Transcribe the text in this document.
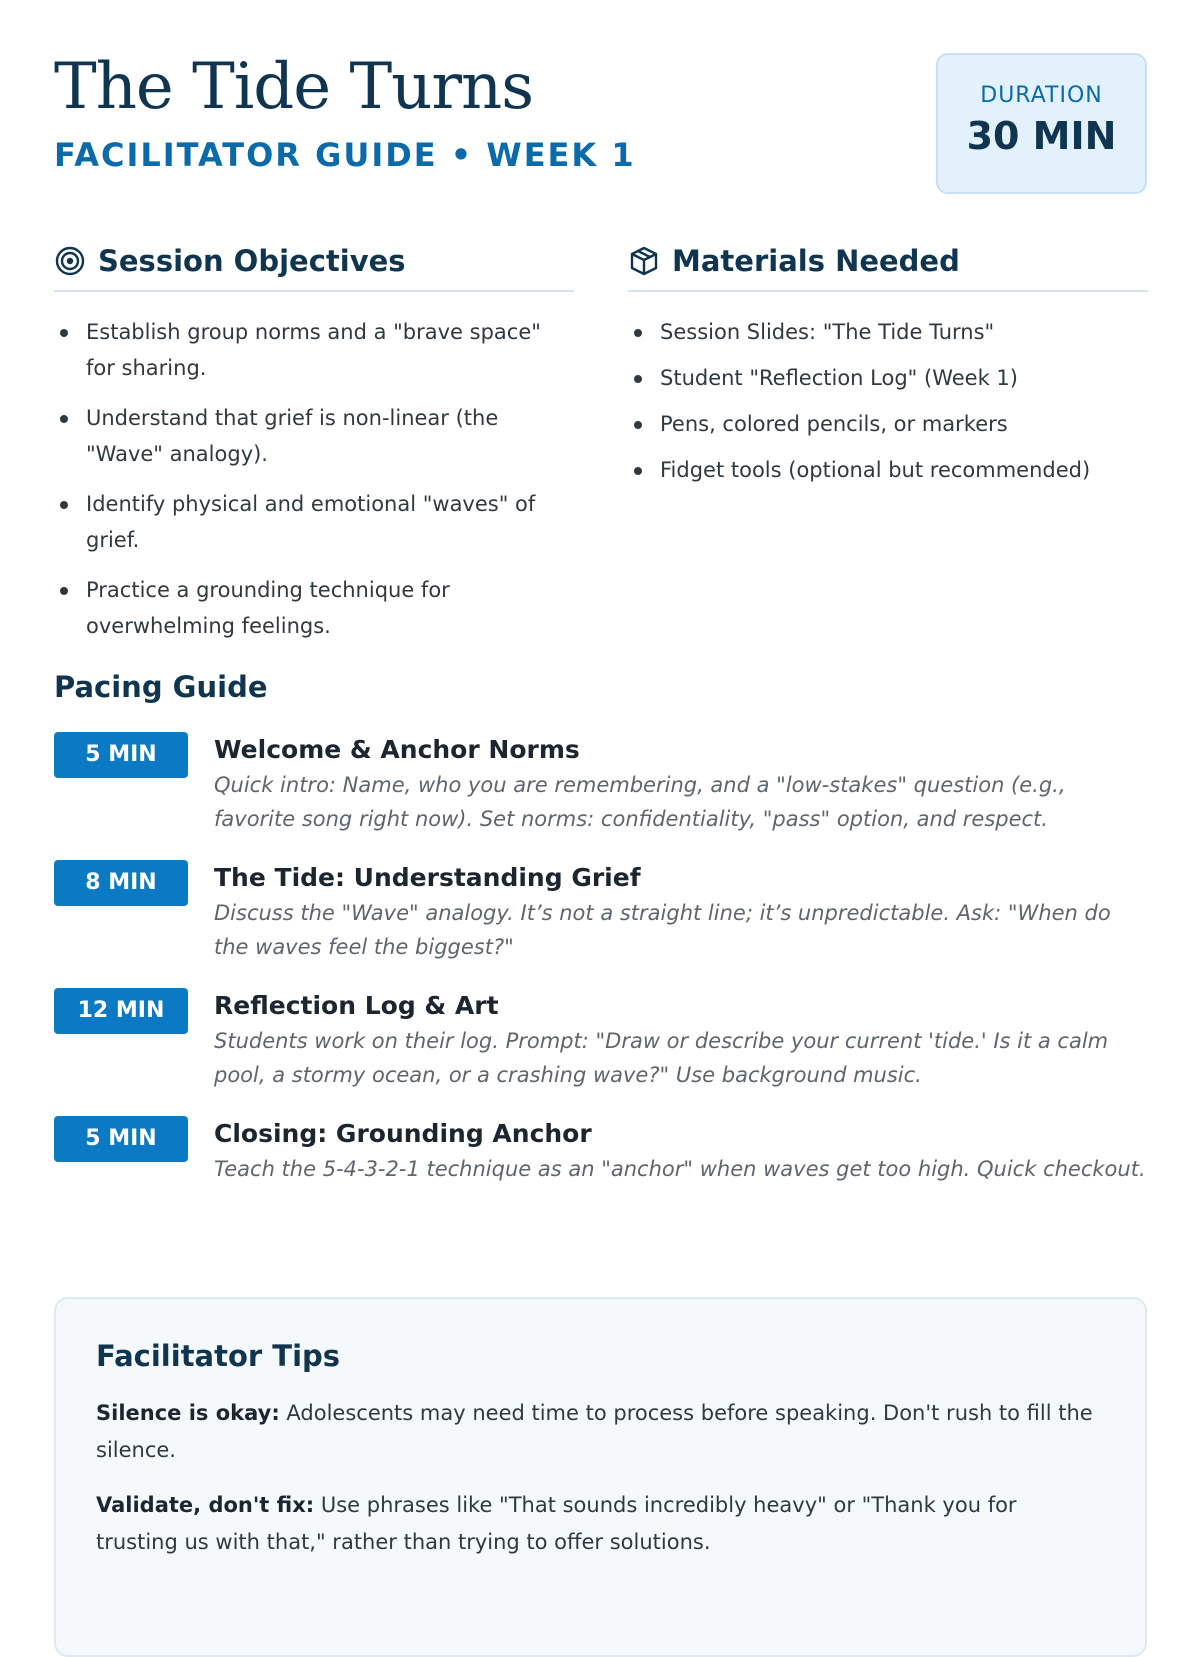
The Tide Turns
FACILITATOR GUIDE • WEEK 1
DURATION
30 MIN
Session Objectives
Establish group norms and a "brave space" for sharing.
Understand that grief is non-linear (the "Wave" analogy).
Identify physical and emotional "waves" of grief.
Practice a grounding technique for overwhelming feelings.
Materials Needed
Session Slides: "The Tide Turns"
Student "Reflection Log" (Week 1)
Pens, colored pencils, or markers
Fidget tools (optional but recommended)
Pacing Guide
5 MIN	Welcome & Anchor Norms
Quick intro: Name, who you are remembering, and a "low-stakes" question (e.g., favorite song right now). Set norms: confidentiality, "pass" option, and respect.
8 MIN	The Tide: Understanding Grief
Discuss the "Wave" analogy. It’s not a straight line; it’s unpredictable. Ask: "When do the waves feel the biggest?"
12 MIN	Reflection Log & Art
Students work on their log. Prompt: "Draw or describe your current 'tide.' Is it a calm pool, a stormy ocean, or a crashing wave?" Use background music.
5 MIN	Closing: Grounding Anchor
Teach the 5-4-3-2-1 technique as an "anchor" when waves get too high. Quick checkout.
Facilitator Tips
Silence is okay: Adolescents may need time to process before speaking. Don't rush to fill the silence.
Validate, don't fix: Use phrases like "That sounds incredibly heavy" or "Thank you for trusting us with that," rather than trying to offer solutions.
